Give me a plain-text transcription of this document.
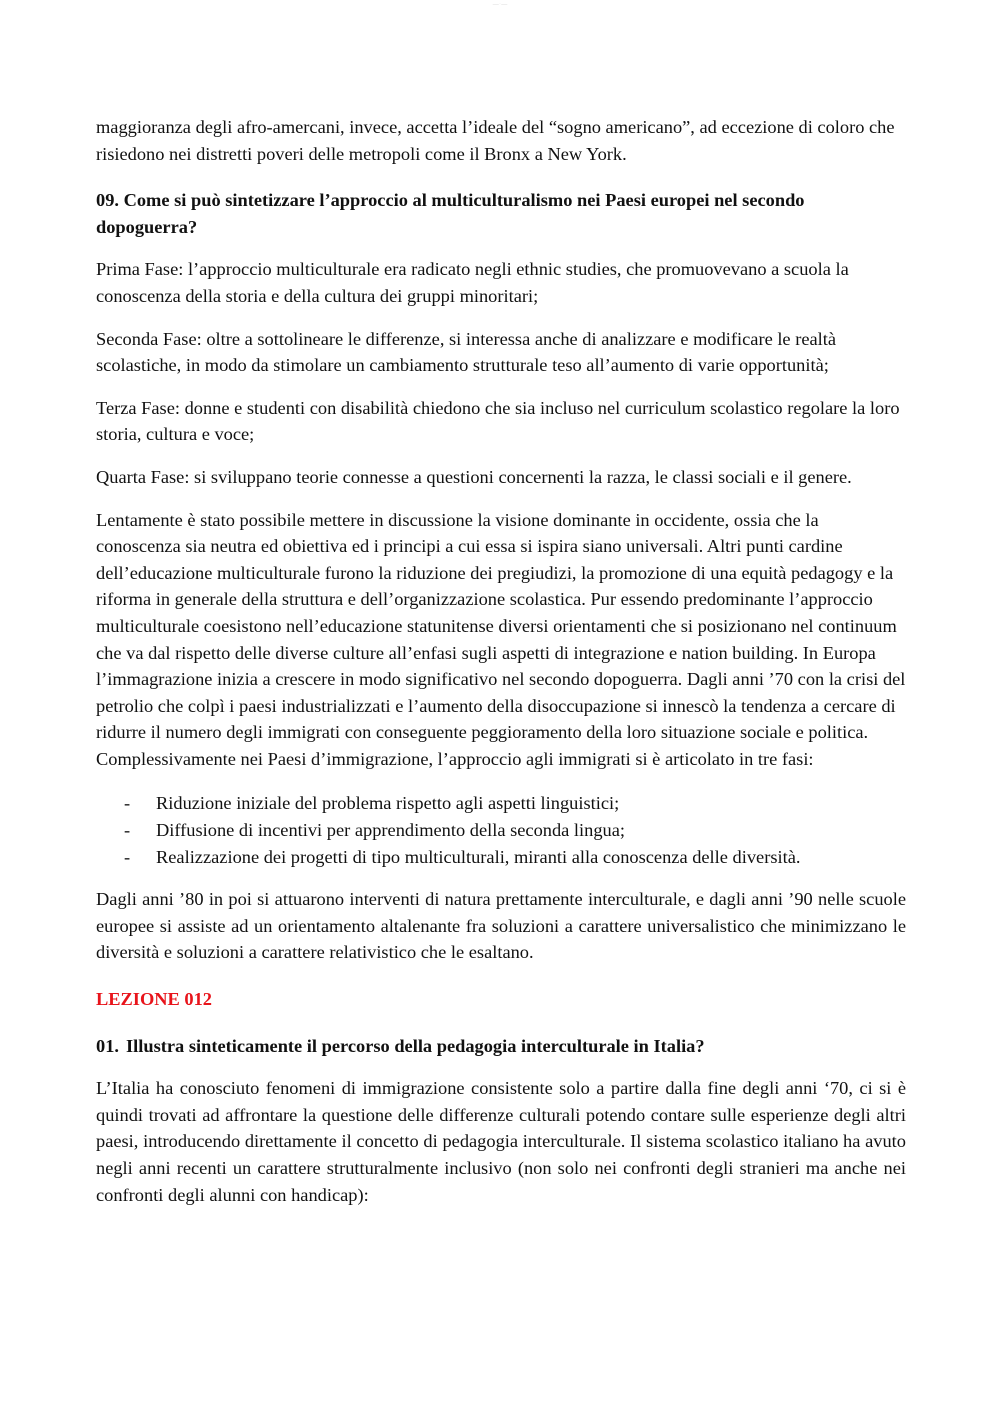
—— · ——

maggioranza degli afro-amercani, invece, accetta l’ideale del “sogno americano”, ad eccezione di coloro che risiedono nei distretti poveri delle metropoli come il Bronx a New York.

09. Come si può sintetizzare l’approccio al multiculturalismo nei Paesi europei nel secondo dopoguerra?

Prima Fase: l’approccio multiculturale era radicato negli ethnic studies, che promuovevano a scuola la conoscenza della storia e della cultura dei gruppi minoritari;

Seconda Fase: oltre a sottolineare le differenze, si interessa anche di analizzare e modificare le realtà scolastiche, in modo da stimolare un cambiamento strutturale teso all’aumento di varie opportunità;

Terza Fase: donne e studenti con disabilità chiedono che sia incluso nel curriculum scolastico regolare la loro storia, cultura e voce;

Quarta Fase: si sviluppano teorie connesse a questioni concernenti la razza, le classi sociali e il genere.

Lentamente è stato possibile mettere in discussione la visione dominante in occidente, ossia che la conoscenza sia neutra ed obiettiva ed i principi a cui essa si ispira siano universali. Altri punti cardine dell’educazione multiculturale furono la riduzione dei pregiudizi, la promozione di una equità pedagogy e la riforma in generale della struttura e dell’organizzazione scolastica. Pur essendo predominante l’approccio multiculturale coesistono nell’educazione statunitense diversi orientamenti che si posizionano nel continuum che va dal rispetto delle diverse culture all’enfasi sugli aspetti di integrazione e nation building. In Europa l’immagrazione inizia a crescere in modo significativo nel secondo dopoguerra. Dagli anni ’70 con la crisi del petrolio che colpì i paesi industrializzati e l’aumento della disoccupazione si innescò la tendenza a cercare di ridurre il numero degli immigrati con conseguente peggioramento della loro situazione sociale e politica. Complessivamente nei Paesi d’immigrazione, l’approccio agli immigrati si è articolato in tre fasi:

- Riduzione iniziale del problema rispetto agli aspetti linguistici;
- Diffusione di incentivi per apprendimento della seconda lingua;
- Realizzazione dei progetti di tipo multiculturali, miranti alla conoscenza delle diversità.

Dagli anni ’80 in poi si attuarono interventi di natura prettamente interculturale, e dagli anni ’90 nelle scuole europee si assiste ad un orientamento altalenante fra soluzioni a carattere universalistico che minimizzano le diversità e soluzioni a carattere relativistico che le esaltano.

LEZIONE 012

01. Illustra sinteticamente il percorso della pedagogia interculturale in Italia?

L’Italia ha conosciuto fenomeni di immigrazione consistente solo a partire dalla fine degli anni ‘70, ci si è quindi trovati ad affrontare la questione delle differenze culturali potendo contare sulle esperienze degli altri paesi, introducendo direttamente il concetto di pedagogia interculturale. Il sistema scolastico italiano ha avuto negli anni recenti un carattere strutturalmente inclusivo (non solo nei confronti degli stranieri ma anche nei confronti degli alunni con handicap):
